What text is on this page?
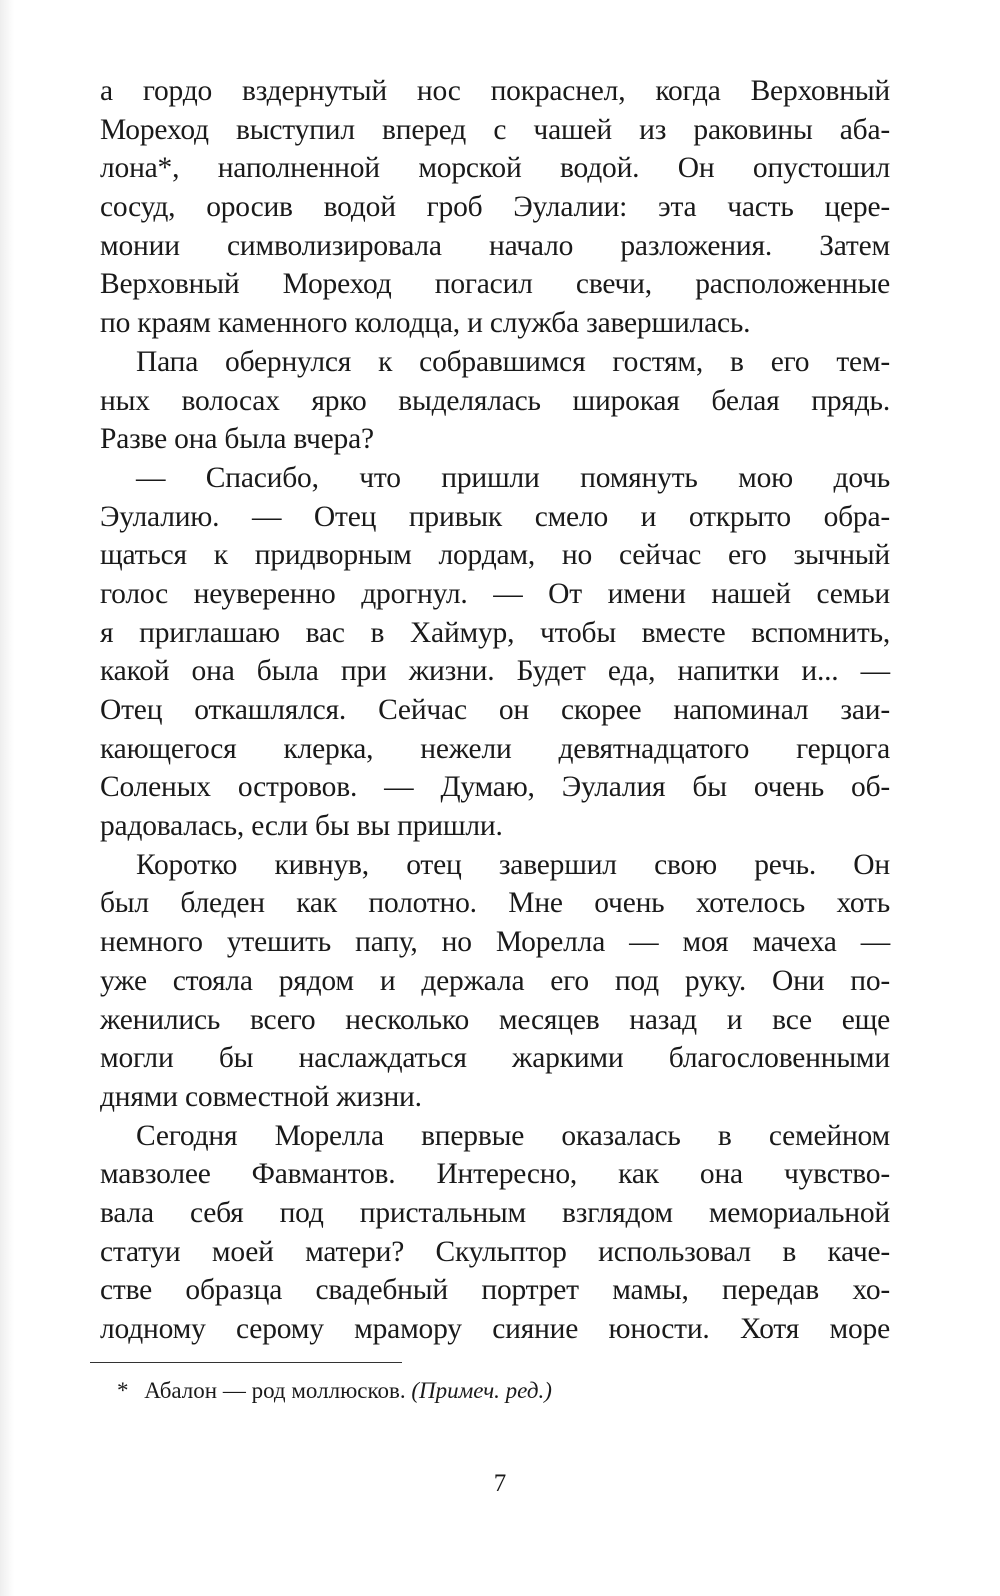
а гордо вздернутый нос покраснел, когда Верховный
Мореход выступил вперед с чашей из раковины аба-
лона*, наполненной морской водой. Он опустошил
сосуд, оросив водой гроб Эулалии: эта часть цере-
монии символизировала начало разложения. Затем
Верховный Мореход погасил свечи, расположенные
по краям каменного колодца, и служба завершилась.
Папа обернулся к собравшимся гостям, в его тем-
ных волосах ярко выделялась широкая белая прядь.
Разве она была вчера?
— Спасибо, что пришли помянуть мою дочь
Эулалию. — Отец привык смело и открыто обра-
щаться к придворным лордам, но сейчас его зычный
голос неуверенно дрогнул. — От имени нашей семьи
я приглашаю вас в Хаймур, чтобы вместе вспомнить,
какой она была при жизни. Будет еда, напитки и... —
Отец откашлялся. Сейчас он скорее напоминал заи-
кающегося клерка, нежели девятнадцатого герцога
Соленых островов. — Думаю, Эулалия бы очень об-
радовалась, если бы вы пришли.
Коротко кивнув, отец завершил свою речь. Он
был бледен как полотно. Мне очень хотелось хоть
немного утешить папу, но Морелла — моя мачеха —
уже стояла рядом и держала его под руку. Они по-
женились всего несколько месяцев назад и все еще
могли бы наслаждаться жаркими благословенными
днями совместной жизни.
Сегодня Морелла впервые оказалась в семейном
мавзолее Фавмантов. Интересно, как она чувство-
вала себя под пристальным взглядом мемориальной
статуи моей матери? Скульптор использовал в каче-
стве образца свадебный портрет мамы, передав хо-
лодному серому мрамору сияние юности. Хотя море
* Абалон — род моллюсков. (Примеч. ред.)
7
